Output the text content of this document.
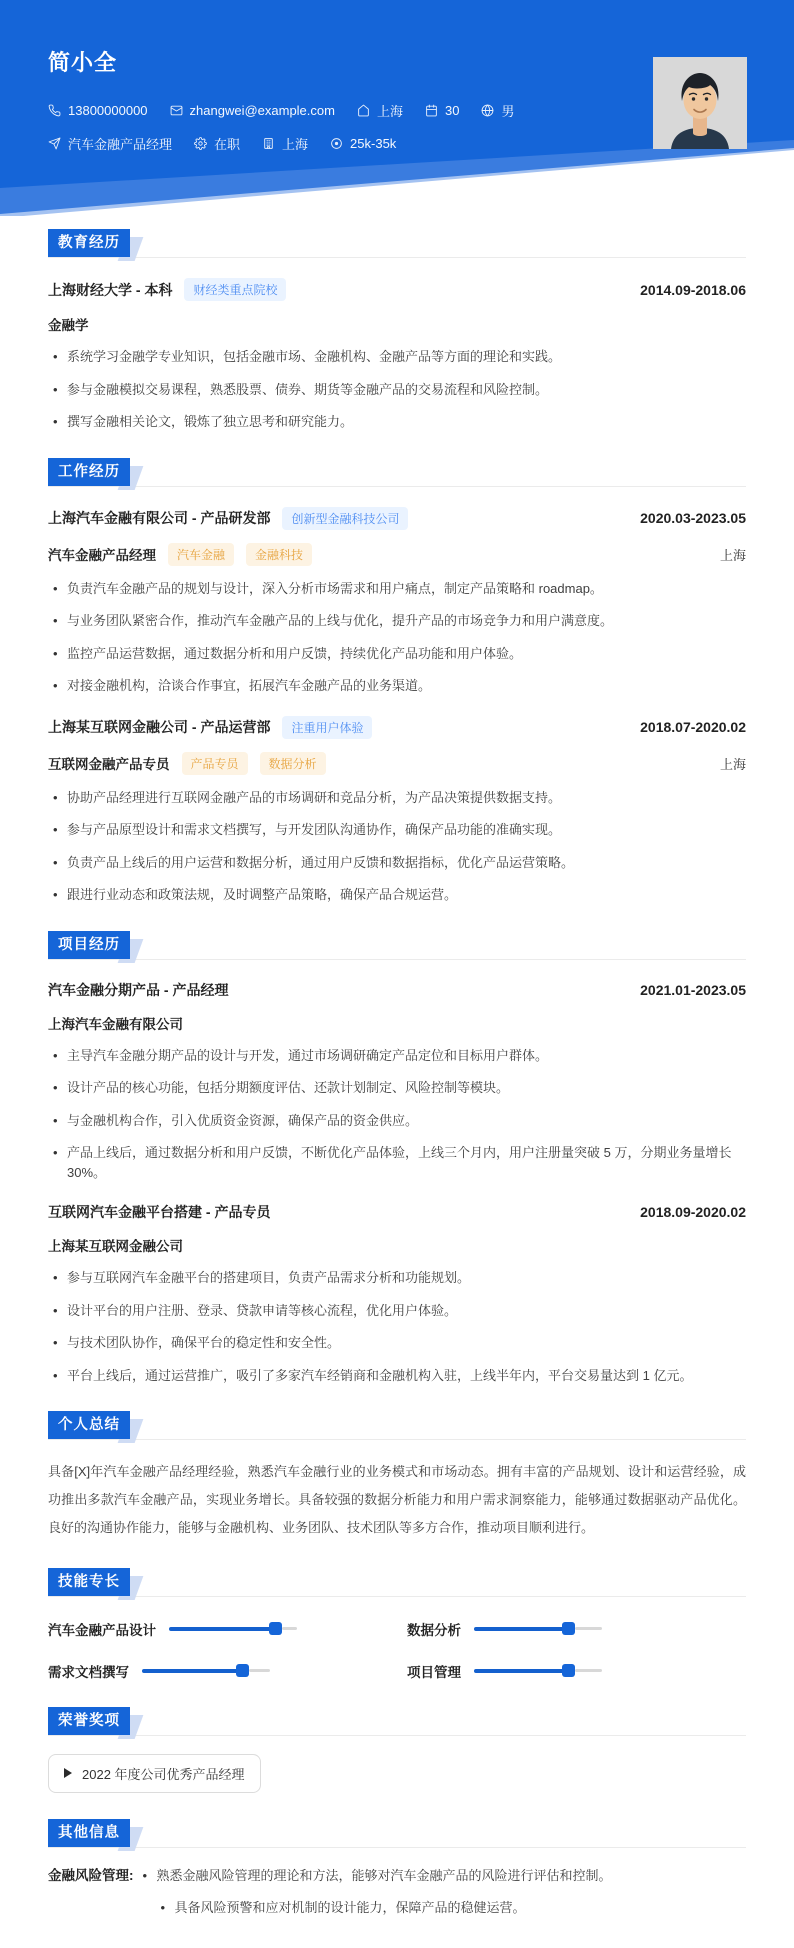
简小全
13800000000	zhangwei@example.com	上海	30	男
汽车金融产品经理	在职	上海	25k-35k
教育经历
上海财经大学 - 本科	财经类重点院校	2014.09-2018.06
金融学
• 系统学习金融学专业知识，包括金融市场、金融机构、金融产品等方面的理论和实践。
• 参与金融模拟交易课程，熟悉股票、债券、期货等金融产品的交易流程和风险控制。
• 撰写金融相关论文，锻炼了独立思考和研究能力。
工作经历
上海汽车金融有限公司 - 产品研发部	创新型金融科技公司	2020.03-2023.05
汽车金融产品经理	汽车金融	金融科技	上海
• 负责汽车金融产品的规划与设计，深入分析市场需求和用户痛点，制定产品策略和 roadmap。
• 与业务团队紧密合作，推动汽车金融产品的上线与优化，提升产品的市场竞争力和用户满意度。
• 监控产品运营数据，通过数据分析和用户反馈，持续优化产品功能和用户体验。
• 对接金融机构，洽谈合作事宜，拓展汽车金融产品的业务渠道。
上海某互联网金融公司 - 产品运营部	注重用户体验	2018.07-2020.02
互联网金融产品专员	产品专员	数据分析	上海
• 协助产品经理进行互联网金融产品的市场调研和竞品分析，为产品决策提供数据支持。
• 参与产品原型设计和需求文档撰写，与开发团队沟通协作，确保产品功能的准确实现。
• 负责产品上线后的用户运营和数据分析，通过用户反馈和数据指标，优化产品运营策略。
• 跟进行业动态和政策法规，及时调整产品策略，确保产品合规运营。
项目经历
汽车金融分期产品 - 产品经理	2021.01-2023.05
上海汽车金融有限公司
• 主导汽车金融分期产品的设计与开发，通过市场调研确定产品定位和目标用户群体。
• 设计产品的核心功能，包括分期额度评估、还款计划制定、风险控制等模块。
• 与金融机构合作，引入优质资金资源，确保产品的资金供应。
• 产品上线后，通过数据分析和用户反馈，不断优化产品体验，上线三个月内，用户注册量突破 5 万，分期业务量增长 30%。
互联网汽车金融平台搭建 - 产品专员	2018.09-2020.02
上海某互联网金融公司
• 参与互联网汽车金融平台的搭建项目，负责产品需求分析和功能规划。
• 设计平台的用户注册、登录、贷款申请等核心流程，优化用户体验。
• 与技术团队协作，确保平台的稳定性和安全性。
• 平台上线后，通过运营推广，吸引了多家汽车经销商和金融机构入驻，上线半年内，平台交易量达到 1 亿元。
个人总结

具备[X]年汽车金融产品经理经验，熟悉汽车金融行业的业务模式和市场动态。拥有丰富的产品规划、设计和运营经验，成功推出多款汽车金融产品，实现业务增长。具备较强的数据分析能力和用户需求洞察能力，能够通过数据驱动产品优化。良好的沟通协作能力，能够与金融机构、业务团队、技术团队等多方合作，推动项目顺利进行。

技能专长
汽车金融产品设计	数据分析
需求文档撰写	项目管理
荣誉奖项
2022 年度公司优秀产品经理
其他信息
金融风险管理:	• 熟悉金融风险管理的理论和方法，能够对汽车金融产品的风险进行评估和控制。
• 具备风险预警和应对机制的设计能力，保障产品的稳健运营。
